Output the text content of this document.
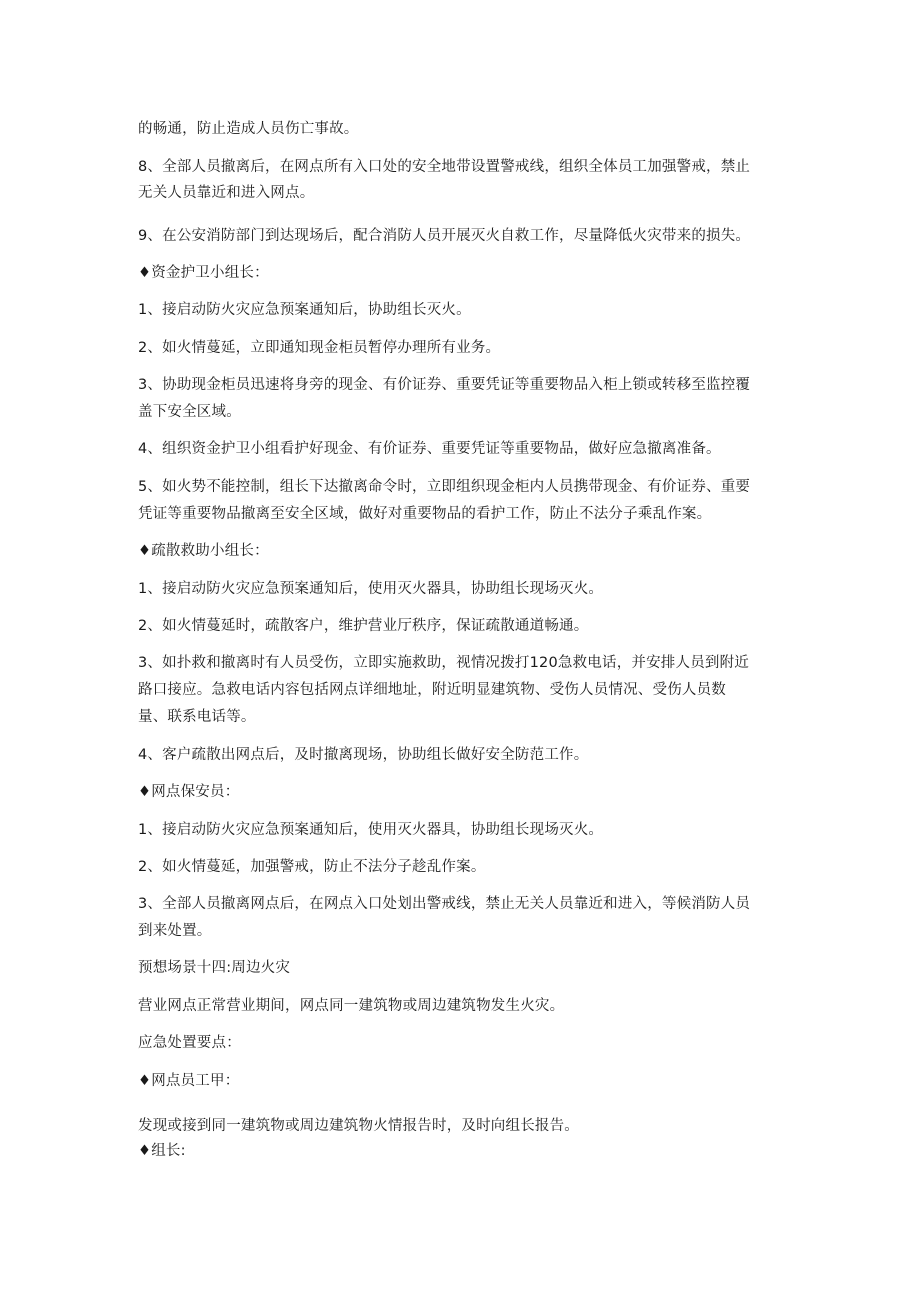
的畅通，防止造成人员伤亡事故。
8、全部人员撤离后，在网点所有入口处的安全地带设置警戒线，组织全体员工加强警戒，禁止
无关人员靠近和进入网点。
9、在公安消防部门到达现场后，配合消防人员开展灭火自救工作，尽量降低火灾带来的损失。
♦资金护卫小组长：
1、接启动防火灾应急预案通知后，协助组长灭火。
2、如火情蔓延，立即通知现金柜员暂停办理所有业务。
3、协助现金柜员迅速将身旁的现金、有价证券、重要凭证等重要物品入柜上锁或转移至监控覆
盖下安全区域。
4、组织资金护卫小组看护好现金、有价证券、重要凭证等重要物品，做好应急撤离准备。
5、如火势不能控制，组长下达撤离命令时，立即组织现金柜内人员携带现金、有价证券、重要
凭证等重要物品撤离至安全区域，做好对重要物品的看护工作，防止不法分子乘乱作案。
♦疏散救助小组长：
1、接启动防火灾应急预案通知后，使用灭火器具，协助组长现场灭火。
2、如火情蔓延时，疏散客户，维护营业厅秩序，保证疏散通道畅通。
3、如扑救和撤离时有人员受伤，立即实施救助，视情况拨打120急救电话，并安排人员到附近
路口接应。急救电话内容包括网点详细地址，附近明显建筑物、受伤人员情况、受伤人员数
量、联系电话等。
4、客户疏散出网点后，及时撤离现场，协助组长做好安全防范工作。
♦网点保安员：
1、接启动防火灾应急预案通知后，使用灭火器具，协助组长现场灭火。
2、如火情蔓延，加强警戒，防止不法分子趁乱作案。
3、全部人员撤离网点后，在网点入口处划出警戒线，禁止无关人员靠近和进入，等候消防人员
到来处置。
预想场景十四:周边火灾
营业网点正常营业期间，网点同一建筑物或周边建筑物发生火灾。
应急处置要点：
♦网点员工甲：
发现或接到同一建筑物或周边建筑物火情报告时，及时向组长报告。
♦组长:
